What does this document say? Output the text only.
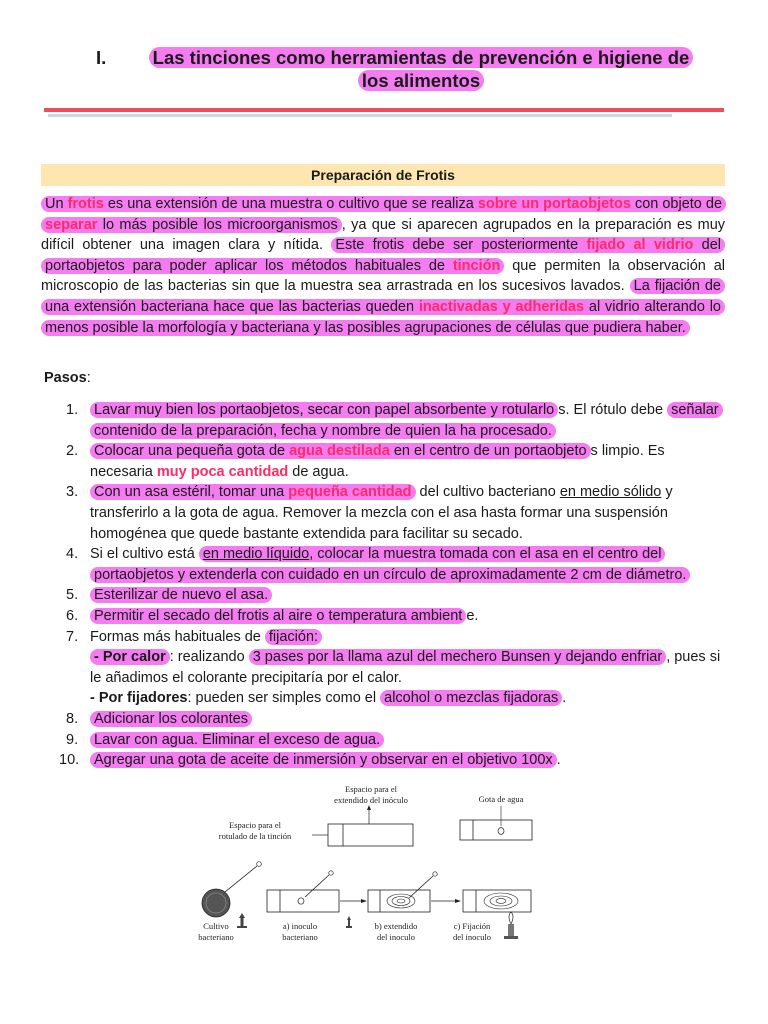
I.	Las tinciones como herramientas de prevención e higiene de los alimentos
Preparación de Frotis

Un frotis es una extensión de una muestra o cultivo que se realiza sobre un portaobjetos con objeto de separar lo más posible los microorganismos , ya que si aparecen agrupados en la preparación es muy difícil obtener una imagen clara y nítida. Este frotis debe ser posteriormente fijado al vidrio del portaobjetos para poder aplicar los métodos habituales de tinción que permiten la observación al microscopio de las bacterias sin que la muestra sea arrastrada en los sucesivos lavados. La fijación de una extensión bacteriana hace que las bacterias queden inactivadas y adheridas al vidrio alterando lo menos posible la morfología y bacteriana y las posibles agrupaciones de células que pudiera haber.

Pasos:
1. Lavar muy bien los portaobjetos, secar con papel absorbente y rotularlo s. El rótulo debe señalar contenido de la preparación, fecha y nombre de quien la ha procesado.
2. Colocar una pequeña gota de agua destilada en el centro de un portaobjeto s limpio. Es necesaria muy poca cantidad de agua.
3. Con un asa estéril, tomar una pequeña cantidad del cultivo bacteriano en medio sólido y transferirlo a la gota de agua. Remover la mezcla con el asa hasta formar una suspensión homogénea que quede bastante extendida para facilitar su secado.
4. Si el cultivo está en medio líquido, colocar la muestra tomada con el asa en el centro del portaobjetos y extenderla con cuidado en un círculo de aproximadamente 2 cm de diámetro.
5. Esterilizar de nuevo el asa.
6. Permitir el secado del frotis al aire o temperatura ambient e.
7. Formas más habituales de fijación:
- Por calor : realizando 3 pases por la llama azul del mechero Bunsen y dejando enfriar , pues si le añadimos el colorante precipitaría por el calor.
- Por fijadores: pueden ser simples como el alcohol o mezclas fijadoras .
8. Adicionar los colorantes
9. Lavar con agua. Eliminar el exceso de agua.
10. Agregar una gota de aceite de inmersión y observar en el objetivo 100x .
Espacio para el
extendido del inóculo	Gota de agua
Espacio para el
rotulado de la tinción
Cultivo
bacteriano
a) inoculo
bacteriano
b) extendido
del inoculo
c) Fijación
del inoculo
